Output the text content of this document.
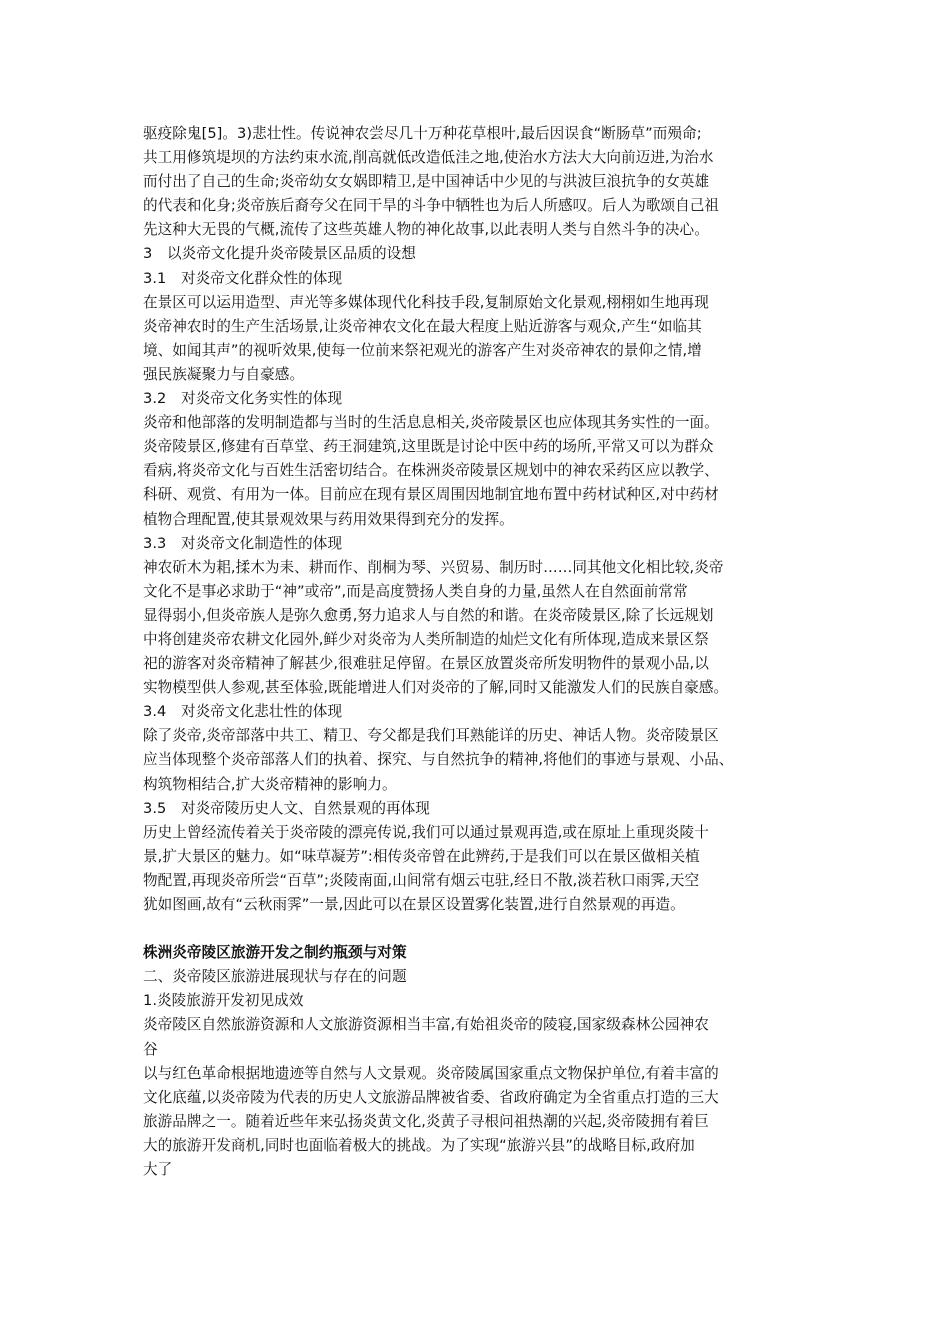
驱疫除鬼[5]。3)悲壮性。传说神农尝尽几十万种花草根叶,最后因误食“断肠草”而殒命;
共工用修筑堤坝的方法约束水流,削高就低改造低洼之地,使治水方法大大向前迈进,为治水
而付出了自己的生命;炎帝幼女女娲即精卫,是中国神话中少见的与洪波巨浪抗争的女英雄
的代表和化身;炎帝族后裔夸父在同干旱的斗争中牺牲也为后人所感叹。后人为歌颂自己祖
先这种大无畏的气概,流传了这些英雄人物的神化故事,以此表明人类与自然斗争的决心。
3　以炎帝文化提升炎帝陵景区品质的设想
3.1　对炎帝文化群众性的体现
在景区可以运用造型、声光等多媒体现代化科技手段,复制原始文化景观,栩栩如生地再现
炎帝神农时的生产生活场景,让炎帝神农文化在最大程度上贴近游客与观众,产生“如临其
境、如闻其声”的视听效果,使每一位前来祭祀观光的游客产生对炎帝神农的景仰之情,增
强民族凝聚力与自豪感。
3.2　对炎帝文化务实性的体现
炎帝和他部落的发明制造都与当时的生活息息相关,炎帝陵景区也应体现其务实性的一面。
炎帝陵景区,修建有百草堂、药王洞建筑,这里既是讨论中医中药的场所,平常又可以为群众
看病,将炎帝文化与百姓生活密切结合。在株洲炎帝陵景区规划中的神农采药区应以教学、
科研、观赏、有用为一体。目前应在现有景区周围因地制宜地布置中药材试种区,对中药材
植物合理配置,使其景观效果与药用效果得到充分的发挥。
3.3　对炎帝文化制造性的体现
神农斫木为耜,揉木为耒、耕而作、削桐为琴、兴贸易、制历时……同其他文化相比较,炎帝
文化不是事必求助于“神”或帝”,而是高度赞扬人类自身的力量,虽然人在自然面前常常
显得弱小,但炎帝族人是弥久愈勇,努力追求人与自然的和谐。在炎帝陵景区,除了长远规划
中将创建炎帝农耕文化园外,鲜少对炎帝为人类所制造的灿烂文化有所体现,造成来景区祭
祀的游客对炎帝精神了解甚少,很难驻足停留。在景区放置炎帝所发明物件的景观小品,以
实物模型供人参观,甚至体验,既能增进人们对炎帝的了解,同时又能激发人们的民族自豪感。
3.4　对炎帝文化悲壮性的体现
除了炎帝,炎帝部落中共工、精卫、夸父都是我们耳熟能详的历史、神话人物。炎帝陵景区
应当体现整个炎帝部落人们的执着、探究、与自然抗争的精神,将他们的事迹与景观、小品、
构筑物相结合,扩大炎帝精神的影响力。
3.5　对炎帝陵历史人文、自然景观的再体现
历史上曾经流传着关于炎帝陵的漂亮传说,我们可以通过景观再造,或在原址上重现炎陵十
景,扩大景区的魅力。如“味草凝芳”:相传炎帝曾在此辨药,于是我们可以在景区做相关植
物配置,再现炎帝所尝“百草”;炎陵南面,山间常有烟云屯驻,经日不散,淡若秋口雨霁,天空
犹如图画,故有“云秋雨霁”一景,因此可以在景区设置雾化装置,进行自然景观的再造。
株洲炎帝陵区旅游开发之制约瓶颈与对策
二、炎帝陵区旅游进展现状与存在的问题
1.炎陵旅游开发初见成效
炎帝陵区自然旅游资源和人文旅游资源相当丰富,有始祖炎帝的陵寝,国家级森林公园神农
谷
以与红色革命根据地遗迹等自然与人文景观。炎帝陵属国家重点文物保护单位,有着丰富的
文化底蕴,以炎帝陵为代表的历史人文旅游品牌被省委、省政府确定为全省重点打造的三大
旅游品牌之一。随着近些年来弘扬炎黄文化,炎黄子寻根问祖热潮的兴起,炎帝陵拥有着巨
大的旅游开发商机,同时也面临着极大的挑战。为了实现“旅游兴县”的战略目标,政府加
大了
